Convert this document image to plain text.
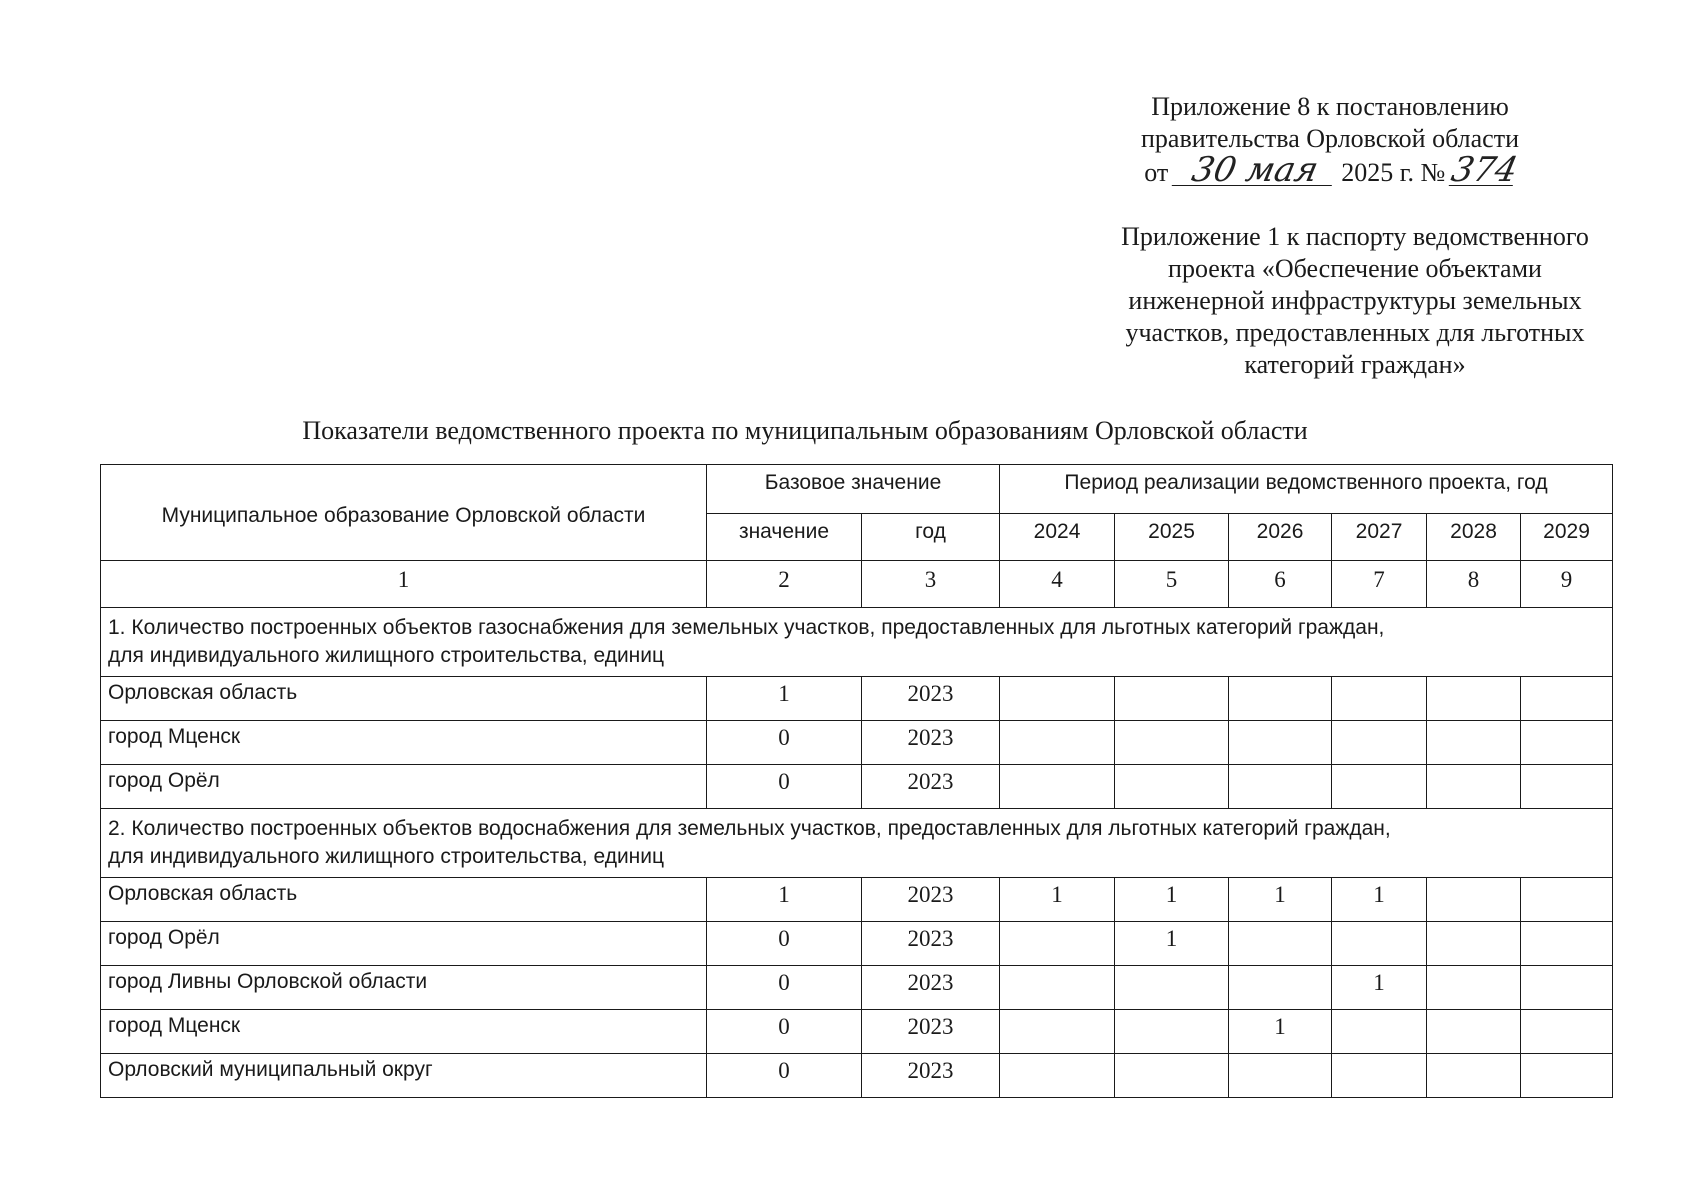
Приложение 8 к постановлению
правительства Орловской области
от 30 мая 2025 г. № 374
Приложение 1 к паспорту ведомственного
проекта «Обеспечение объектами
инженерной инфраструктуры земельных
участков, предоставленных для льготных
категорий граждан»
Показатели ведомственного проекта по муниципальным образованиям Орловской области
Муниципальное образование Орловской области	Базовое значение		Период реализации ведомственного проекта, год					
	значение	год	2024	2025	2026	2027	2028	2029
1	2	3	4	5	6	7	8	9

1. Количество построенных объектов газоснабжения для земельных участков, предоставленных для льготных категорий граждан,
для индивидуального жилищного строительства, единиц								

Орловская область	1	2023						
город Мценск	0	2023						
город Орёл	0	2023						

2. Количество построенных объектов водоснабжения для земельных участков, предоставленных для льготных категорий граждан,
для индивидуального жилищного строительства, единиц								

Орловская область	1	2023	1	1	1	1		
город Орёл	0	2023		1				
город Ливны Орловской области	0	2023				1		
город Мценск	0	2023			1			
Орловский муниципальный округ	0	2023						
